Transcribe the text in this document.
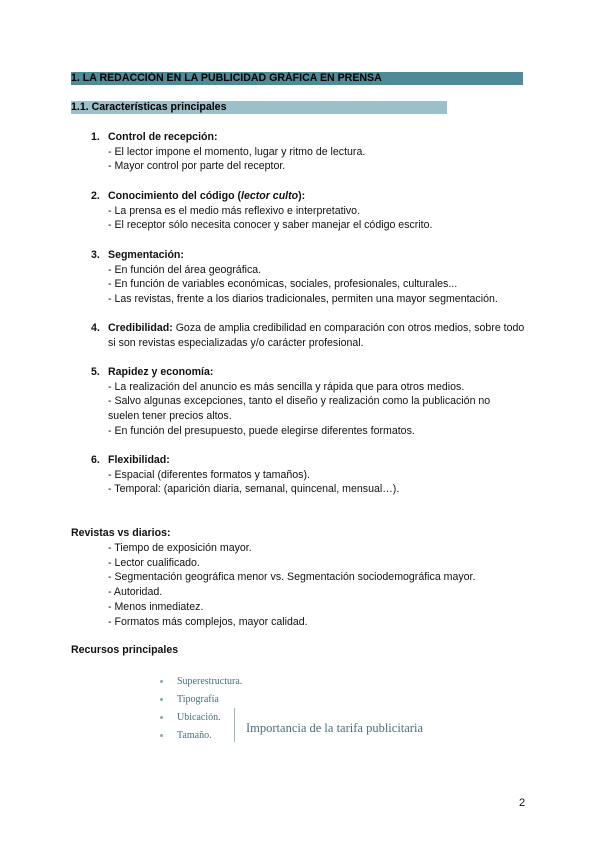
1. LA REDACCIÓN EN LA PUBLICIDAD GRÁFICA EN PRENSA
1.1. Características principales
1. Control de recepción:
- El lector impone el momento, lugar y ritmo de lectura.
- Mayor control por parte del receptor.
2. Conocimiento del código (lector culto):
- La prensa es el medio más reflexivo e interpretativo.
- El receptor sólo necesita conocer y saber manejar el código escrito.
3. Segmentación:
- En función del área geográfica.
- En función de variables económicas, sociales, profesionales, culturales...
- Las revistas, frente a los diarios tradicionales, permiten una mayor segmentación.
4. Credibilidad: Goza de amplia credibilidad en comparación con otros medios, sobre todo si son revistas especializadas y/o carácter profesional.
5. Rapidez y economía:
- La realización del anuncio es más sencilla y rápida que para otros medios.
- Salvo algunas excepciones, tanto el diseño y realización como la publicación no suelen tener precios altos.
- En función del presupuesto, puede elegirse diferentes formatos.
6. Flexibilidad:
- Espacial (diferentes formatos y tamaños).
- Temporal: (aparición diaria, semanal, quincenal, mensual…).
Revistas vs diarios:
- Tiempo de exposición mayor.
- Lector cualificado.
- Segmentación geográfica menor vs. Segmentación sociodemográfica mayor.
- Autoridad.
- Menos inmediatez.
- Formatos más complejos, mayor calidad.
Recursos principales
Superestructura.
Tipografía
Ubicación.
Tamaño.
Importancia de la tarifa publicitaria
2
